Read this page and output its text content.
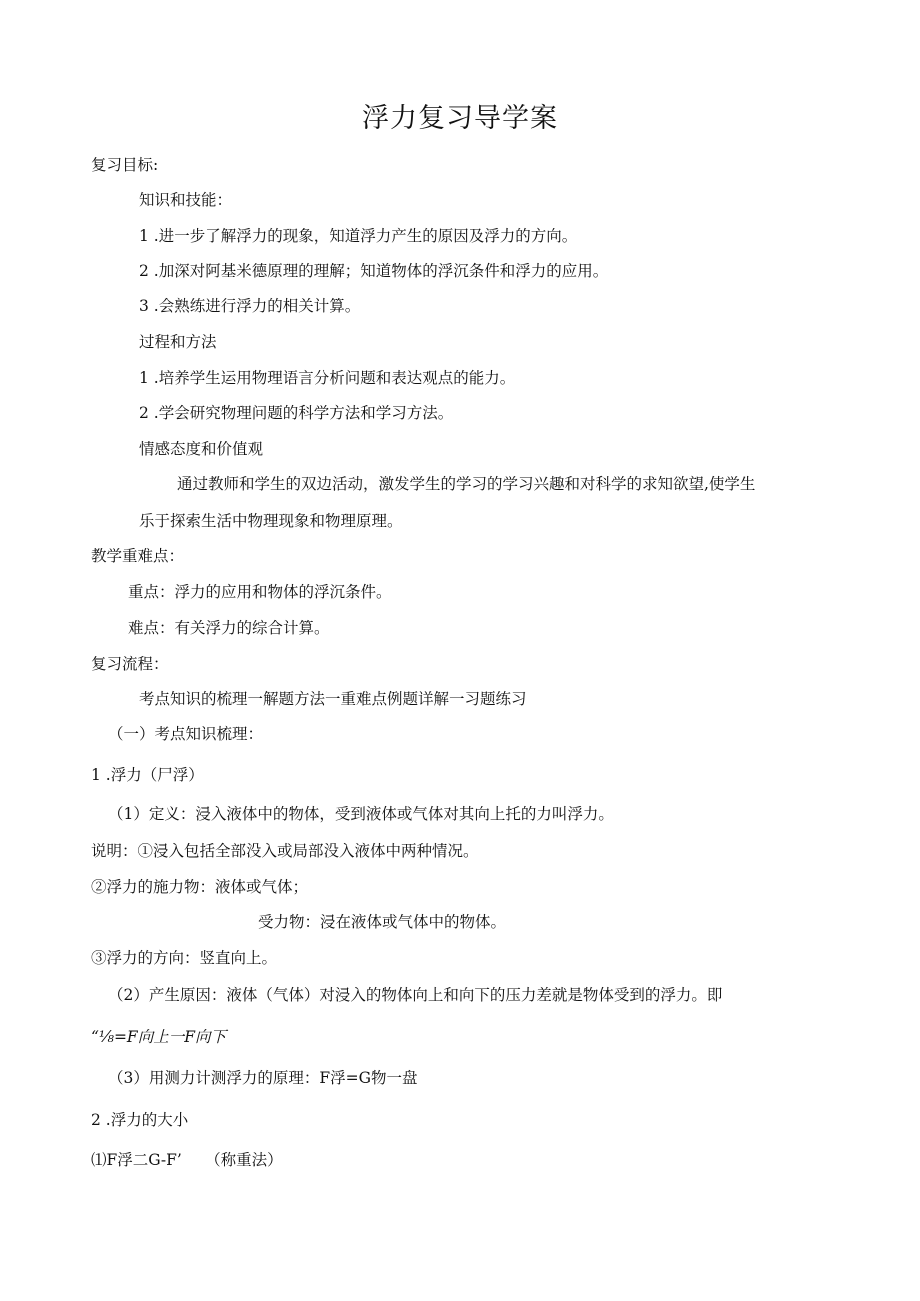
浮力复习导学案
复习目标:
知识和技能：
1 .进一步了解浮力的现象，知道浮力产生的原因及浮力的方向。
2 .加深对阿基米德原理的理解；知道物体的浮沉条件和浮力的应用。
3 .会熟练进行浮力的相关计算。
过程和方法
1 .培养学生运用物理语言分析问题和表达观点的能力。
2 .学会研究物理问题的科学方法和学习方法。
情感态度和价值观
通过教师和学生的双边活动，激发学生的学习的学习兴趣和对科学的求知欲望,使学生
乐于探索生活中物理现象和物理原理。
教学重难点：
重点：浮力的应用和物体的浮沉条件。
难点：有关浮力的综合计算。
复习流程：
考点知识的梳理一解题方法一重难点例题详解一习题练习
（一）考点知识梳理：
1 .浮力（尸浮）
（1）定义：浸入液体中的物体，受到液体或气体对其向上托的力叫浮力。
说明：①浸入包括全部没入或局部没入液体中两种情况。
②浮力的施力物：液体或气体；
受力物：浸在液体或气体中的物体。
③浮力的方向：竖直向上。
（2）产生原因：液体（气体）对浸入的物体向上和向下的压力差就是物体受到的浮力。即
“⅛=F向上一F向下
（3）用测力计测浮力的原理：F浮=G物一盘
2 .浮力的大小
⑴F浮二G-F’　　（称重法）
